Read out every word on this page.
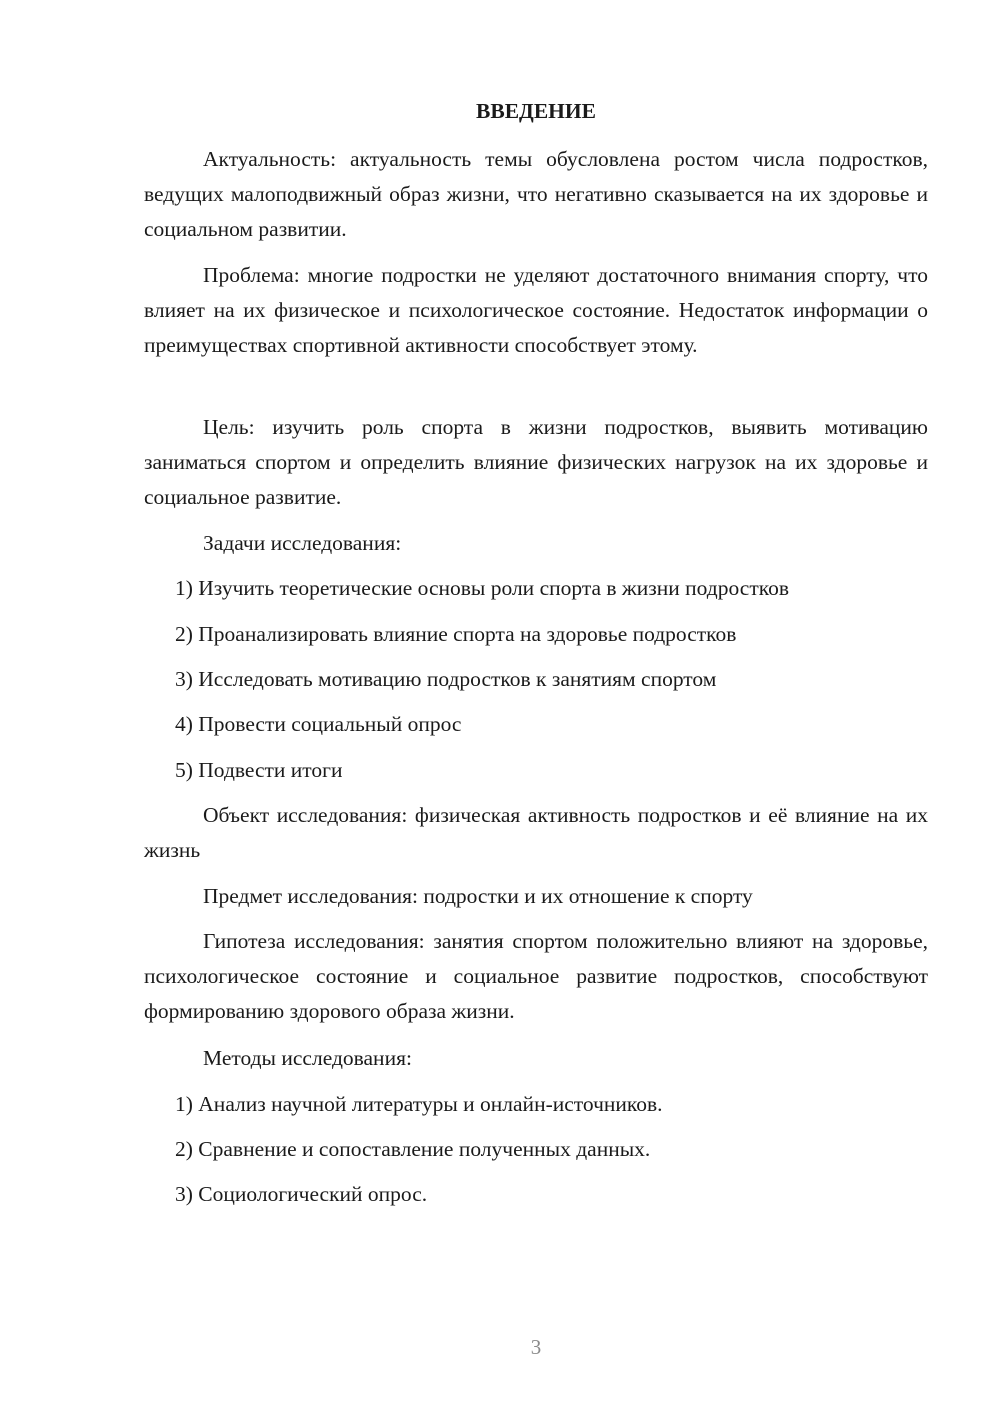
ВВЕДЕНИЕ

Актуальность: актуальность темы обусловлена ростом числа подростков, ведущих малоподвижный образ жизни, что негативно сказывается на их здоровье и социальном развитии.

Проблема: многие подростки не уделяют достаточного внимания спорту, что влияет на их физическое и психологическое состояние. Недостаток информации о преимуществах спортивной активности способствует этому.

Цель: изучить роль спорта в жизни подростков, выявить мотивацию заниматься спортом и определить влияние физических нагрузок на их здоровье и социальное развитие.

Задачи исследования:

1) Изучить теоретические основы роли спорта в жизни подростков

2) Проанализировать влияние спорта на здоровье подростков

3) Исследовать мотивацию подростков к занятиям спортом

4) Провести социальный опрос

5) Подвести итоги

Объект исследования: физическая активность подростков и её влияние на их жизнь

Предмет исследования: подростки и их отношение к спорту

Гипотеза исследования: занятия спортом положительно влияют на здоровье, психологическое состояние и социальное развитие подростков, способствуют формированию здорового образа жизни.

Методы исследования:

1) Анализ научной литературы и онлайн-источников.

2) Сравнение и сопоставление полученных данных.

3) Социологический опрос.

3
